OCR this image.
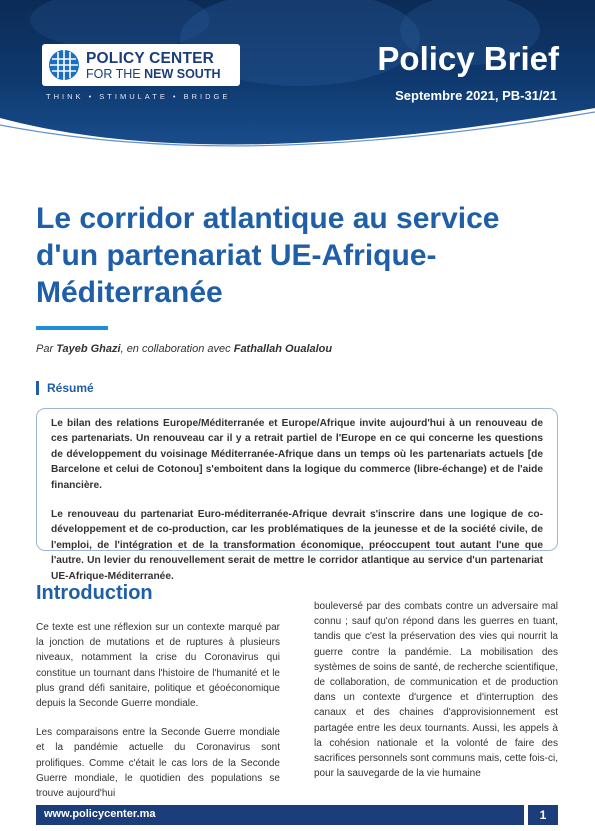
POLICY CENTER
FOR THE NEW SOUTH
THINK • STIMULATE • BRIDGE
Policy Brief
Septembre 2021, PB-31/21
Le corridor atlantique au service d'un partenariat UE-Afrique-Méditerranée
Par Tayeb Ghazi, en collaboration avec Fathallah Oualalou
Résumé

Le bilan des relations Europe/Méditerranée et Europe/Afrique invite aujourd'hui à un renouveau de ces partenariats. Un renouveau car il y a retrait partiel de l'Europe en ce qui concerne les questions de développement du voisinage Méditerranée-Afrique dans un temps où les partenariats actuels [de Barcelone et celui de Cotonou] s'emboitent dans la logique du commerce (libre-échange) et de l'aide financière.

Le renouveau du partenariat Euro-méditerranée-Afrique devrait s'inscrire dans une logique de co-développement et de co-production, car les problématiques de la jeunesse et de la société civile, de l'emploi, de l'intégration et de la transformation économique, préoccupent tout autant l'une que l'autre. Un levier du renouvellement serait de mettre le corridor atlantique au service d'un partenariat UE-Afrique-Méditerranée.

Introduction

Ce texte est une réflexion sur un contexte marqué par la jonction de mutations et de ruptures à plusieurs niveaux, notamment la crise du Coronavirus qui constitue un tournant dans l'histoire de l'humanité et le plus grand défi sanitaire, politique et géoéconomique depuis la Seconde Guerre mondiale.

Les comparaisons entre la Seconde Guerre mondiale et la pandémie actuelle du Coronavirus sont prolifiques. Comme c'était le cas lors de la Seconde Guerre mondiale, le quotidien des populations se trouve aujourd'hui

bouleversé par des combats contre un adversaire mal connu ; sauf qu'on répond dans les guerres en tuant, tandis que c'est la préservation des vies qui nourrit la guerre contre la pandémie. La mobilisation des systèmes de soins de santé, de recherche scientifique, de collaboration, de communication et de production dans un contexte d'urgence et d'interruption des canaux et des chaines d'approvisionnement est partagée entre les deux tournants. Aussi, les appels à la cohésion nationale et la volonté de faire des sacrifices personnels sont communs mais, cette fois-ci, pour la sauvegarde de la vie humaine

www.policycenter.ma	1
